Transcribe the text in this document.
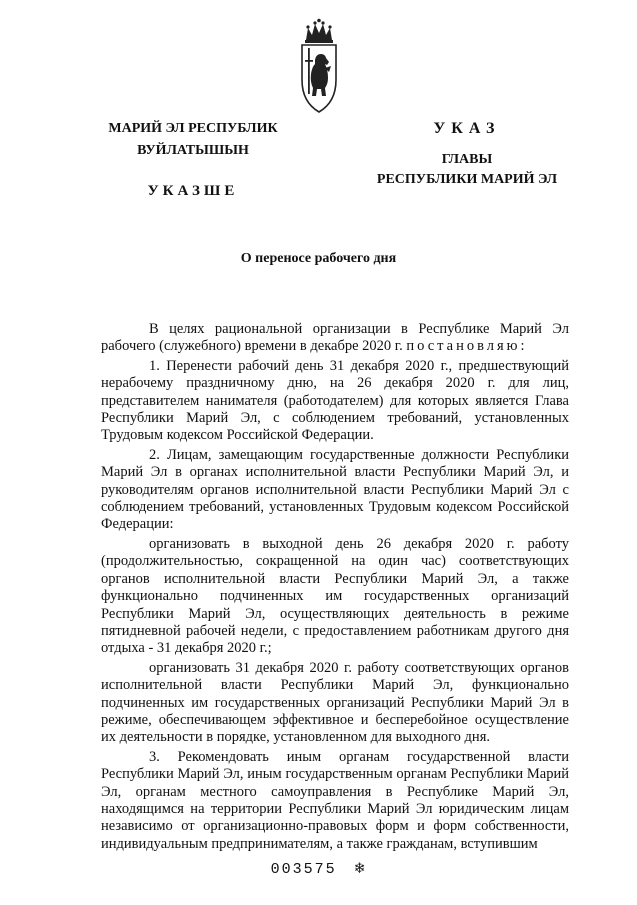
МАРИЙ ЭЛ РЕСПУБЛИК
ВУЙЛАТЫШЫН
УКАЗШЕ
УКАЗ
ГЛАВЫ
РЕСПУБЛИКИ МАРИЙ ЭЛ
О переносе рабочего дня

В целях рациональной организации в Республике Марий Эл рабочего (служебного) времени в декабре 2020 г. постановляю:

1. Перенести рабочий день 31 декабря 2020 г., предшествующий нерабочему праздничному дню, на 26 декабря 2020 г. для лиц, представителем нанимателя (работодателем) для которых является Глава Республики Марий Эл, с соблюдением требований, установленных Трудовым кодексом Российской Федерации.

2. Лицам, замещающим государственные должности Республики Марий Эл в органах исполнительной власти Республики Марий Эл, и руководителям органов исполнительной власти Республики Марий Эл с соблюдением требований, установленных Трудовым кодексом Российской Федерации:

организовать в выходной день 26 декабря 2020 г. работу (продолжительностью, сокращенной на один час) соответствующих органов исполнительной власти Республики Марий Эл, а также функционально подчиненных им государственных организаций Республики Марий Эл, осуществляющих деятельность в режиме пятидневной рабочей недели, с предоставлением работникам другого дня отдыха - 31 декабря 2020 г.;

организовать 31 декабря 2020 г. работу соответствующих органов исполнительной власти Республики Марий Эл, функционально подчиненных им государственных организаций Республики Марий Эл в режиме, обеспечивающем эффективное и бесперебойное осуществление их деятельности в порядке, установленном для выходного дня.

3. Рекомендовать иным органам государственной власти Республики Марий Эл, иным государственным органам Республики Марий Эл, органам местного самоуправления в Республике Марий Эл, находящимся на территории Республики Марий Эл юридическим лицам независимо от организационно-правовых форм и форм собственности, индивидуальным предпринимателям, а также гражданам, вступившим

003575 ❄
